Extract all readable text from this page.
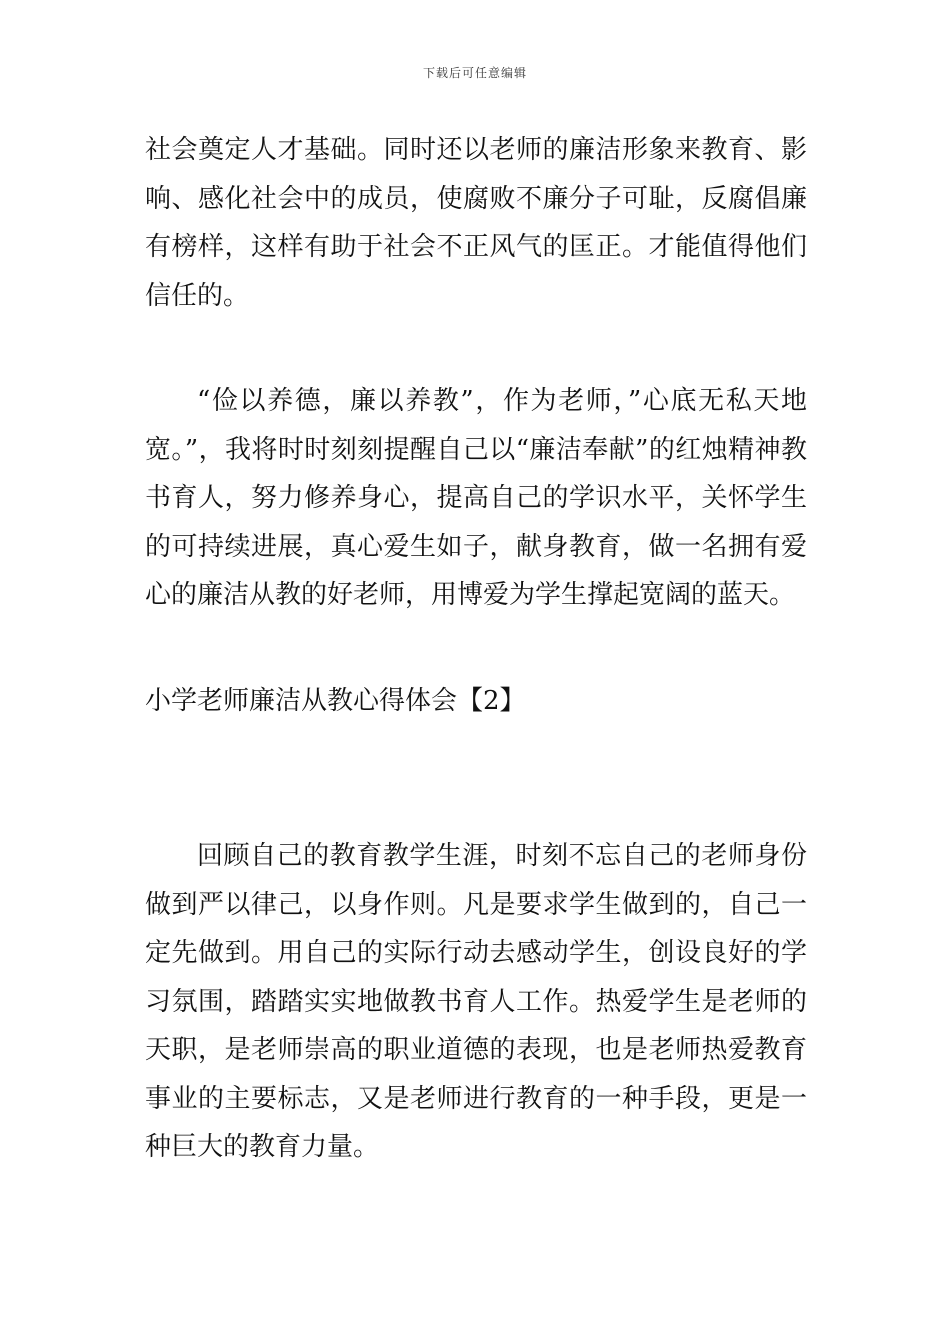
下载后可任意编辑

社会奠定人才基础。同时还以老师的廉洁形象来教育、影响、感化社会中的成员，使腐败不廉分子可耻，反腐倡廉有榜样，这样有助于社会不正风气的匡正。才能值得他们信任的。

“俭以养德，廉以养教”，作为老师，”心底无私天地宽。”，我将时时刻刻提醒自己以“廉洁奉献”的红烛精神教书育人，努力修养身心，提高自己的学识水平，关怀学生的可持续进展，真心爱生如子，献身教育，做一名拥有爱心的廉洁从教的好老师，用博爱为学生撑起宽阔的蓝天。

小学老师廉洁从教心得体会【2】

回顾自己的教育教学生涯，时刻不忘自己的老师身份做到严以律己，以身作则。凡是要求学生做到的，自己一定先做到。用自己的实际行动去感动学生，创设良好的学习氛围，踏踏实实地做教书育人工作。热爱学生是老师的天职，是老师崇高的职业道德的表现，也是老师热爱教育事业的主要标志，又是老师进行教育的一种手段，更是一种巨大的教育力量。
